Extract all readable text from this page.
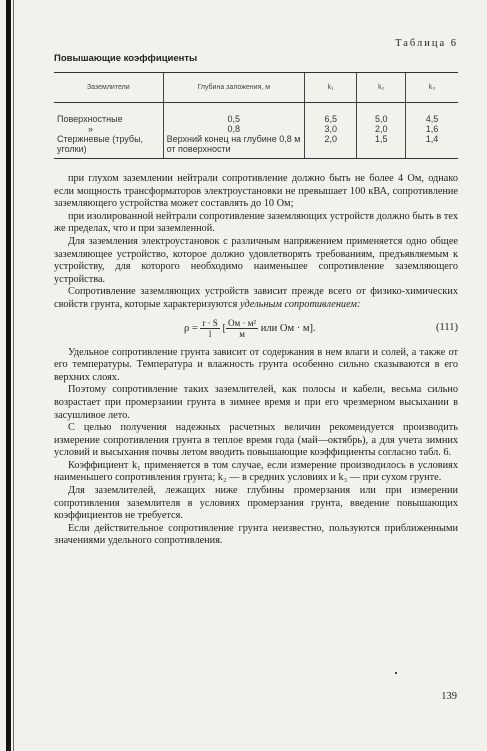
Таблица 6
Повышающие коэффициенты
Заземлители	Глубина заложения, м	k₁	k₂	k₃
Поверхностные	0,5	6,5	5,0	4,5
»	0,8	3,0	2,0	1,6
Стержневые (трубы, уголки)	Верхний конец на глубине 0,8 м от поверхности	2,0	1,5	1,4

при глухом заземлении нейтрали сопротивление должно быть не более 4 Ом, однако если мощность трансформаторов электроустановки не превышает 100 кВА, сопротивление заземляющего устройства может составлять до 10 Ом;

при изолированной нейтрали сопротивление заземляющих устройств должно быть в тех же пределах, что и при заземленной.

Для заземления электроустановок с различным напряжением применяется одно общее заземляющее устройство, которое должно удовлетворять требованиям, предъявляемым к устройству, для которого необходимо наименьшее сопротивление заземляющего устройства.

Сопротивление заземляющих устройств зависит прежде всего от физико-химических свойств грунта, которые характеризуются удельным сопротивлением:

$\rho = \frac{r \cdot S}{l}$ [ $\frac{\text{Ом · м²}}{м}$ или Ом · м].	(111)

Удельное сопротивление грунта зависит от содержания в нем влаги и солей, а также от его температуры. Температура и влажность грунта особенно сильно сказываются в его верхних слоях.

Поэтому сопротивление таких заземлителей, как полосы и кабели, весьма сильно возрастает при промерзании грунта в зимнее время и при его чрезмерном высыхании в засушливое лето.

С целью получения надежных расчетных величин рекомендуется производить измерение сопротивления грунта в теплое время года (май—октябрь), а для учета зимних условий и высыхания почвы летом вводить повышающие коэффициенты согласно табл. 6.

Коэффициент k₁ применяется в том случае, если измерение производилось в условиях наименьшего сопротивления грунта; k₂ — в средних условиях и k₃ — при сухом грунте.

Для заземлителей, лежащих ниже глубины промерзания или при измерении сопротивления заземлителя в условиях промерзания грунта, введение повышающих коэффициентов не требуется.

Если действительное сопротивление грунта неизвестно, пользуются приближенными значениями удельного сопротивления.

139
